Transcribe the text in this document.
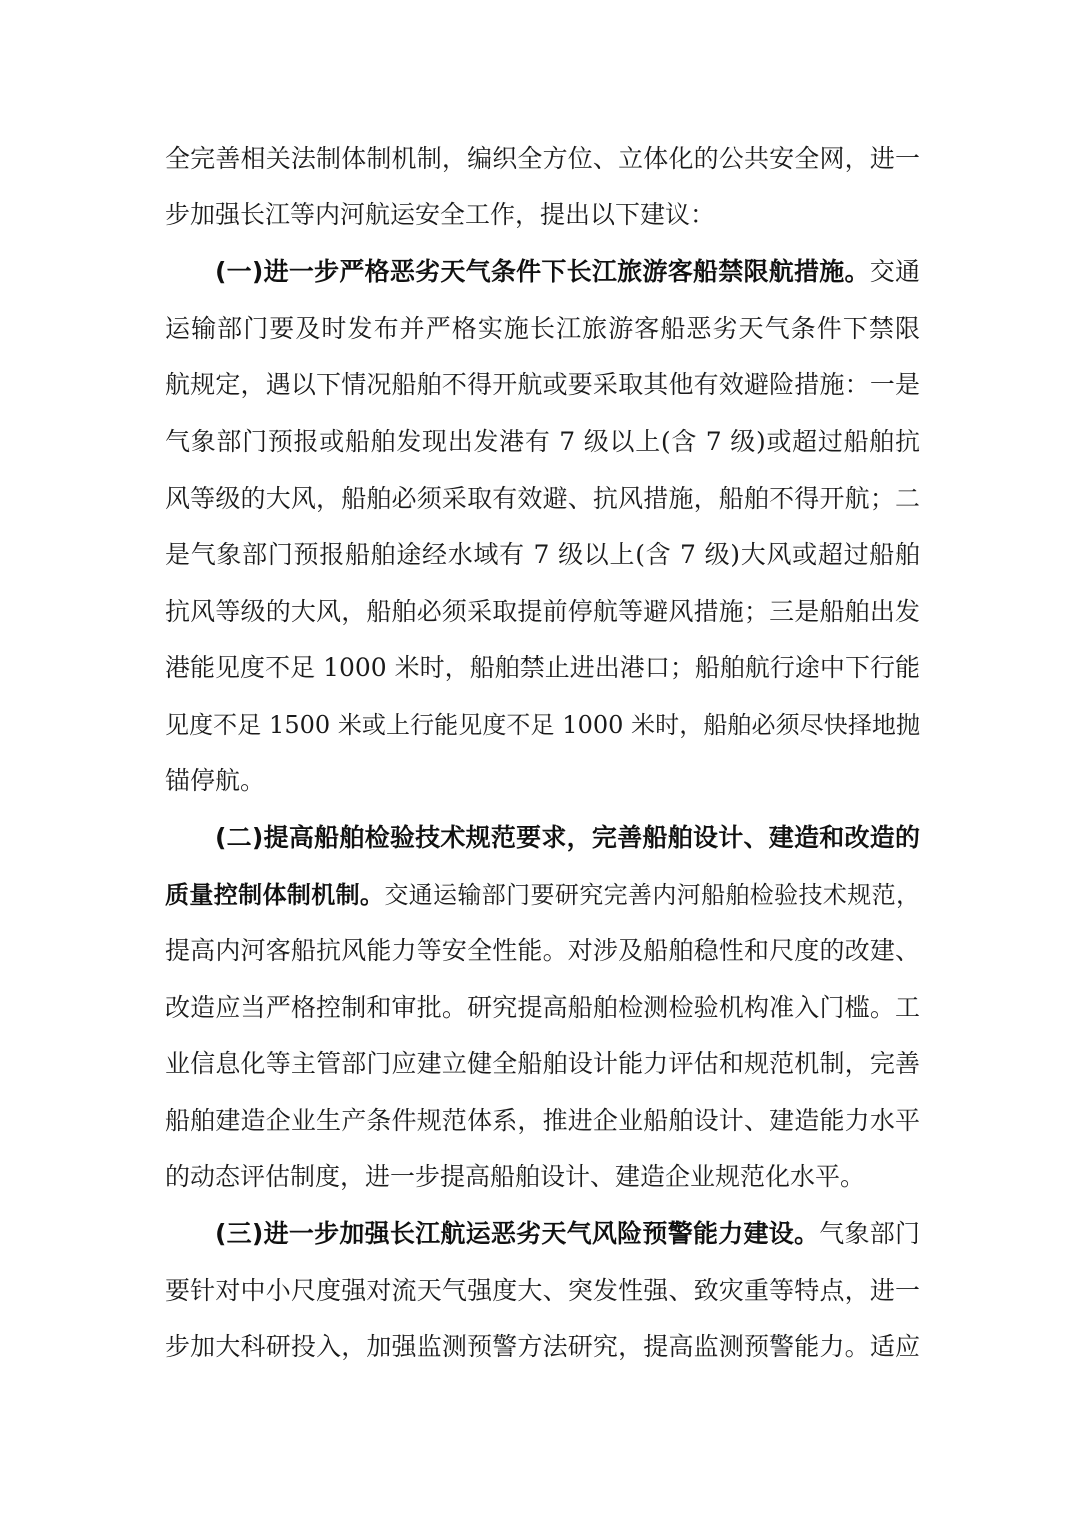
全完善相关法制体制机制，编织全方位、立体化的公共安全网，进一
步加强长江等内河航运安全工作，提出以下建议：
(一)进一步严格恶劣天气条件下长江旅游客船禁限航措施。交通
运输部门要及时发布并严格实施长江旅游客船恶劣天气条件下禁限
航规定，遇以下情况船舶不得开航或要采取其他有效避险措施：一是
气象部门预报或船舶发现出发港有 7 级以上(含 7 级)或超过船舶抗
风等级的大风，船舶必须采取有效避、抗风措施，船舶不得开航；二
是气象部门预报船舶途经水域有 7 级以上(含 7 级)大风或超过船舶
抗风等级的大风，船舶必须采取提前停航等避风措施；三是船舶出发
港能见度不足 1000 米时，船舶禁止进出港口；船舶航行途中下行能
见度不足 1500 米或上行能见度不足 1000 米时，船舶必须尽快择地抛
锚停航。
(二)提高船舶检验技术规范要求，完善船舶设计、建造和改造的
质量控制体制机制。交通运输部门要研究完善内河船舶检验技术规范，
提高内河客船抗风能力等安全性能。对涉及船舶稳性和尺度的改建、
改造应当严格控制和审批。研究提高船舶检测检验机构准入门槛。工
业信息化等主管部门应建立健全船舶设计能力评估和规范机制，完善
船舶建造企业生产条件规范体系，推进企业船舶设计、建造能力水平
的动态评估制度，进一步提高船舶设计、建造企业规范化水平。
(三)进一步加强长江航运恶劣天气风险预警能力建设。气象部门
要针对中小尺度强对流天气强度大、突发性强、致灾重等特点，进一
步加大科研投入，加强监测预警方法研究，提高监测预警能力。适应
